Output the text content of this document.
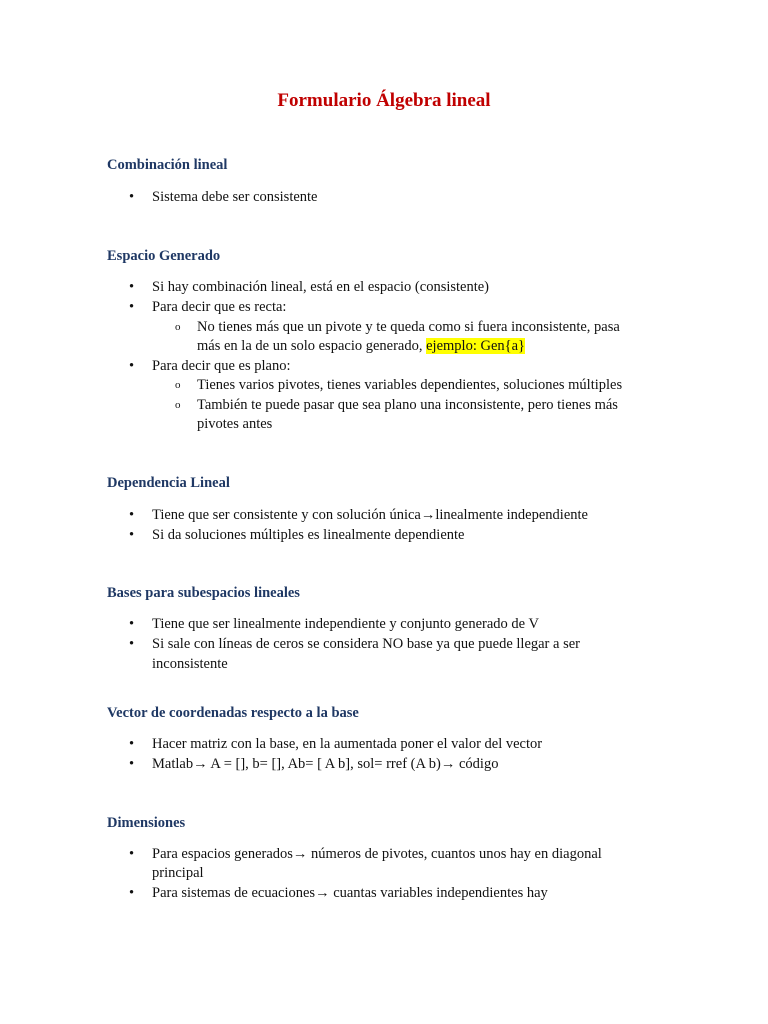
Formulario Álgebra lineal
Combinación lineal
• Sistema debe ser consistente

Espacio Generado
• Si hay combinación lineal, está en el espacio (consistente)

• Para decir que es recta:

o No tienes más que un pivote y te queda como si fuera inconsistente, pasa

más en la de un solo espacio generado, ejemplo: Gen{a}

• Para decir que es plano:

o Tienes varios pivotes, tienes variables dependientes, soluciones múltiples

o También te puede pasar que sea plano una inconsistente, pero tienes más

pivotes antes

Dependencia Lineal
• Tiene que ser consistente y con solución única→linealmente independiente

• Si da soluciones múltiples es linealmente dependiente

Bases para subespacios lineales
• Tiene que ser linealmente independiente y conjunto generado de V

• Si sale con líneas de ceros se considera NO base ya que puede llegar a ser

inconsistente

Vector de coordenadas respecto a la base
• Hacer matriz con la base, en la aumentada poner el valor del vector

• Matlab→ A = [], b= [], Ab= [ A b], sol= rref (A b)→ código

Dimensiones
• Para espacios generados→ números de pivotes, cuantos unos hay en diagonal

principal

• Para sistemas de ecuaciones→ cuantas variables independientes hay
